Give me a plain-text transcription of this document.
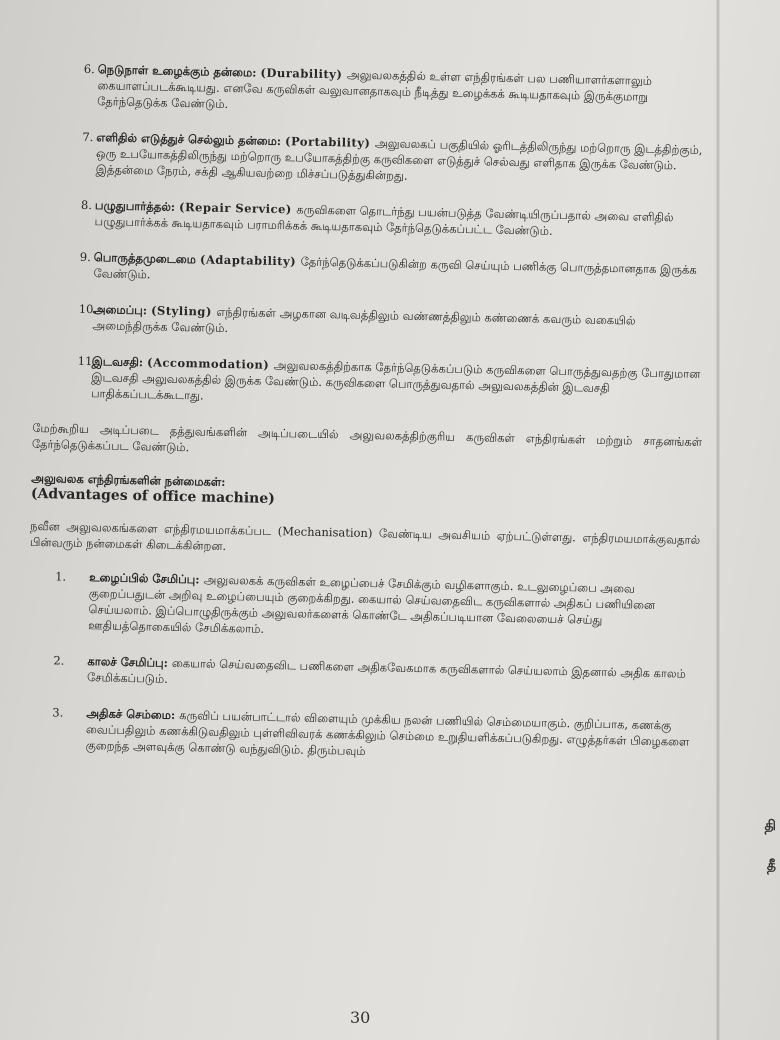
6. நெடுநாள் உழைக்கும் தன்மை: (Durability) அலுவலகத்தில் உள்ள எந்திரங்கள் பல பணியாளர்களாலும் கையாளப்படக்கூடியது. எனவே கருவிகள் வலுவானதாகவும் நீடித்து உழைக்கக் கூடியதாகவும் இருக்குமாறு தேர்ந்தெடுக்க வேண்டும்.
7. எளிதில் எடுத்துச் செல்லும் தன்மை: (Portability) அலுவலகப் பகுதியில் ஓரிடத்திலிருந்து மற்றொரு இடத்திற்கும், ஒரு உபயோகத்திலிருந்து மற்றொரு உபயோகத்திற்கு கருவிகளை எடுத்துச் செல்வது எளிதாக இருக்க வேண்டும். இத்தன்மை நேரம், சக்தி ஆகியவற்றை மிச்சப்படுத்துகின்றது.
8. பழுதுபார்த்தல்: (Repair Service) கருவிகளை தொடர்ந்து பயன்படுத்த வேண்டியிருப்பதால் அவை எளிதில் பழுதுபார்க்கக் கூடியதாகவும் பராமரிக்கக் கூடியதாகவும் தேர்ந்தெடுக்கப்பட்ட வேண்டும்.
9. பொருத்தமுடைமை (Adaptability) தேர்ந்தெடுக்கப்படுகின்ற கருவி செய்யும் பணிக்கு பொருத்தமானதாக இருக்க வேண்டும்.
10.
அமைப்பு: (Styling) எந்திரங்கள் அழகான வடிவத்திலும் வண்ணத்திலும் கண்ணைக் கவரும் வகையில் அமைந்திருக்க வேண்டும்.
11.
இடவசதி: (Accommodation) அலுவலகத்திற்காக தேர்ந்தெடுக்கப்படும் கருவிகளை பொருத்துவதற்கு போதுமான இடவசதி அலுவலகத்தில் இருக்க வேண்டும். கருவிகளை பொருத்துவதால் அலுவலகத்தின் இடவசதி பாதிக்கப்படக்கூடாது.

மேற்கூறிய அடிப்படை தத்துவங்களின் அடிப்படையில் அலுவலகத்திற்குரிய கருவிகள் எந்திரங்கள் மற்றும் சாதனங்கள் தேர்ந்தெடுக்கப்பட வேண்டும்.

அலுவலக எந்திரங்களின் நன்மைகள்:
(Advantages of office machine)

நவீன அலுவலகங்களை எந்திரமயமாக்கப்பட (Mechanisation) வேண்டிய அவசியம் ஏற்பட்டுள்ளது. எந்திரமயமாக்குவதால் பின்வரும் நன்மைகள் கிடைக்கின்றன.

1. உழைப்பில் சேமிப்பு: அலுவலகக் கருவிகள் உழைப்பைச் சேமிக்கும் வழிகளாகும். உடலுழைப்பை அவை குறைப்பதுடன் அறிவு உழைப்பையும் குறைக்கிறது. கையால் செய்வதைவிட கருவிகளால் அதிகப் பணியினை செய்யலாம். இப்பொழுதிருக்கும் அலுவலர்களைக் கொண்டே அதிகப்படியான வேலையைச் செய்து ஊதியத்தொகையில் சேமிக்கலாம்.
2. காலச் சேமிப்பு: கையால் செய்வதைவிட பணிகளை அதிகவேகமாக கருவிகளால் செய்யலாம் இதனால் அதிக காலம் சேமிக்கப்படும்.
3. அதிகச் செம்மை: கருவிப் பயன்பாட்டால் விளையும் முக்கிய நலன் பணியில் செம்மையாகும். குறிப்பாக, கணக்கு வைப்பதிலும் கணக்கிடுவதிலும் புள்ளிவிவரக் கணக்கிலும் செம்மை உறுதியளிக்கப்படுகிறது. எழுத்தர்கள் பிழைகளை குறைந்த அளவுக்கு கொண்டு வந்துவிடும். திரும்பவும்
தி
தீ
30
